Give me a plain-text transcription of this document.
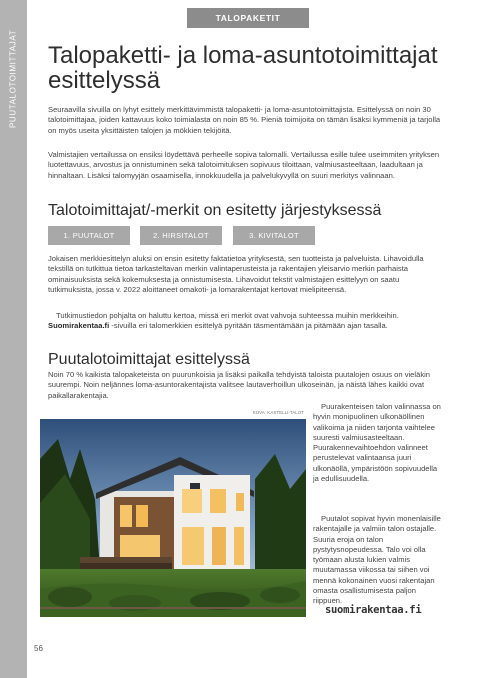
PUUTALOTOIMITTAJAT
TALOPAKETIT
Talopaketti- ja loma-asuntotoimittajat esittelyssä

Seuraavilla sivuilla on lyhyt esittely merkittävimmistä talopaketti- ja loma-asuntotoimittajista. Esittelyssä on noin 30 talotoimittajaa, joiden kattavuus koko toimialasta on noin 85 %. Pieniä toimijoita on tämän lisäksi kymmeniä ja tarjolla on myös useita yksittäisten talojen ja mökkien tekijöitä.

Valmistajien vertailussa on ensiksi löydettävä perheelle sopiva talomalli. Vertailussa esille tulee useimmiten yrityksen luotettavuus, arvostus ja onnistuminen sekä talotoimituksen sopivuus tiloittaan, valmiusasteeltaan, laadultaan ja hinnaltaan. Lisäksi talomyyjän osaamisella, innokkuudella ja palvelukyvyllä on suuri merkitys valinnaan.

Talotoimittajat/-merkit on esitetty järjestyksessä
1. PUUTALOT	2. HIRSITALOT	3. KIVITALOT

Jokaisen merkkiesittelyn aluksi on ensin esitetty faktatietoa yrityksestä, sen tuotteista ja palveluista. Lihavoidulla tekstillä on tutkittua tietoa tarkasteltavan merkin valintaperusteista ja rakentajien yleisarvio merkin parhaista ominaisuuksista sekä kokemuksesta ja onnistumisesta. Lihavoidut tekstit valmistajien esittelyyn on saatu tutkimuksista, jossa v. 2022 aloittaneet omakoti- ja lomarakentajat kertovat mielipiteensä.

Tutkimustiedon pohjalta on haluttu kertoa, missä eri merkit ovat vahvoja suhteessa muihin merkkeihin. Suomirakentaa.fi -sivuilla eri talomerkkien esittelyä pyritään täsmentämään ja pitämään ajan tasalla.

Puutalotoimittajat esittelyssä

Noin 70 % kaikista talopaketeista on puurunkoisia ja lisäksi paikalla tehdyistä taloista puutalojen osuus on vieläkin suurempi. Noin neljännes loma-asuntorakentajista valitsee lautaverhoillun ulkoseinän, ja näistä lähes kaikki ovat paikallarakentajia.

KUVA: KASTELLI-TALOT

Puurakenteisen talon valinnassa on hyvin monipuolinen ulkonäöllinen valikoima ja niiden tarjonta vaihtelee suuresti valmiusasteeltaan. Puurakennevaihtoehdon valinneet perustelevat valintaansa juuri ulkonäöllä, ympäristöön sopivuudella ja edullisuudella.

Puutalot sopivat hyvin monenlaisille rakentajalle ja valmiin talon ostajalle. Suuria eroja on talon pystytysnopeudessa. Talo voi olla työmaan alusta lukien valmis muutamassa viikossa tai siihen voi mennä kokonainen vuosi rakentajan omasta osallistumisesta paljon riippuen.

suomirakentaa.fi
56
